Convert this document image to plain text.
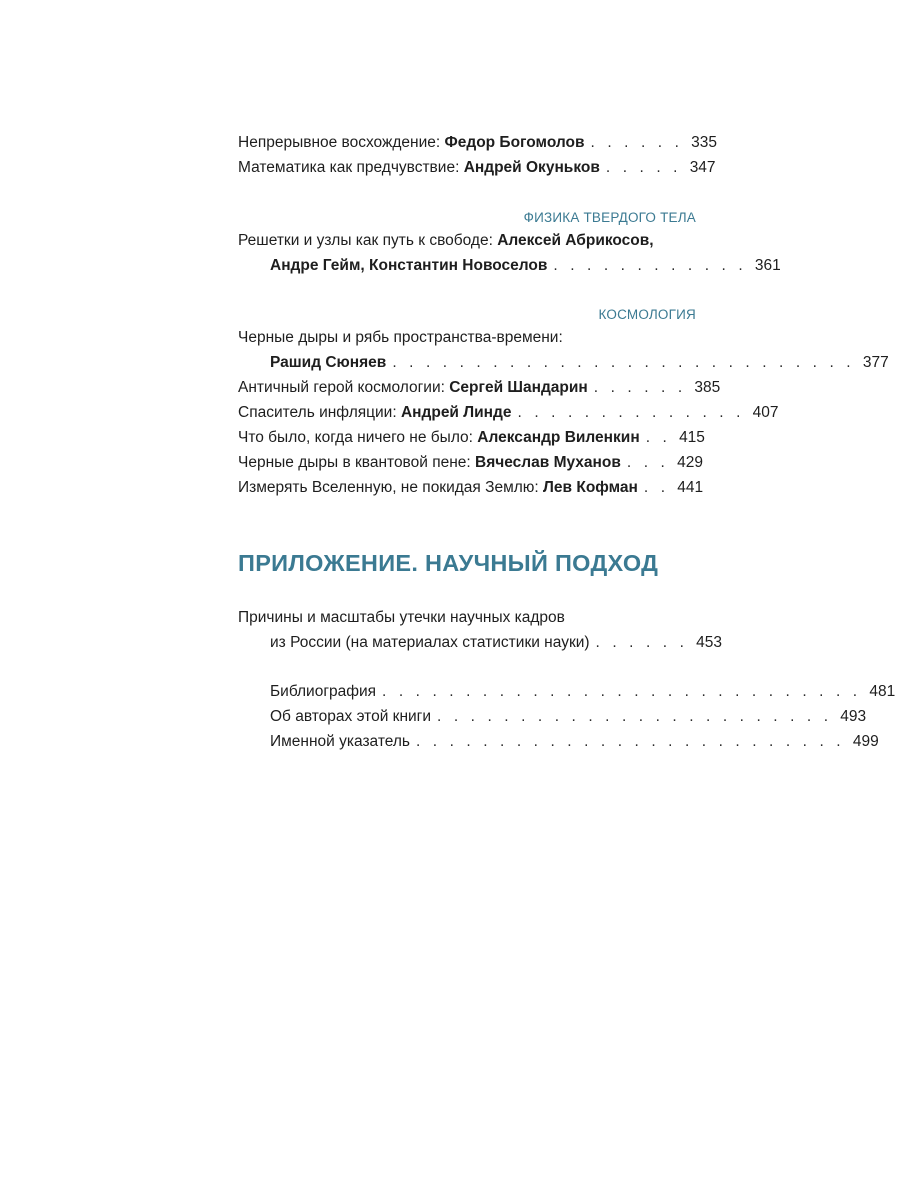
Непрерывное восхождение: Федор Богомолов . . . . . . 335
Математика как предчувствие: Андрей Окуньков . . . . . 347
ФИЗИКА ТВЕРДОГО ТЕЛА
Решетки и узлы как путь к свободе: Алексей Абрикосов,
Андре Гейм, Константин Новоселов . . . . . . . . . . . . 361
КОСМОЛОГИЯ
Черные дыры и рябь пространства-времени:
Рашид Сюняев . . . . . . . . . . . . . . . . . . . . . . . . . . . . 377
Античный герой космологии: Сергей Шандарин . . . . . . 385
Спаситель инфляции: Андрей Линде . . . . . . . . . . . . . . 407
Что было, когда ничего не было: Александр Виленкин . . 415
Черные дыры в квантовой пене: Вячеслав Муханов . . . 429
Измерять Вселенную, не покидая Землю: Лев Кофман . . 441
ПРИЛОЖЕНИЕ. НАУЧНЫЙ ПОДХОД
Причины и масштабы утечки научных кадров
из России (на материалах статистики науки) . . . . . . 453
Библиография . . . . . . . . . . . . . . . . . . . . . . . . . . . . . 481
Об авторах этой книги . . . . . . . . . . . . . . . . . . . . . . . . 493
Именной указатель . . . . . . . . . . . . . . . . . . . . . . . . . . 499
